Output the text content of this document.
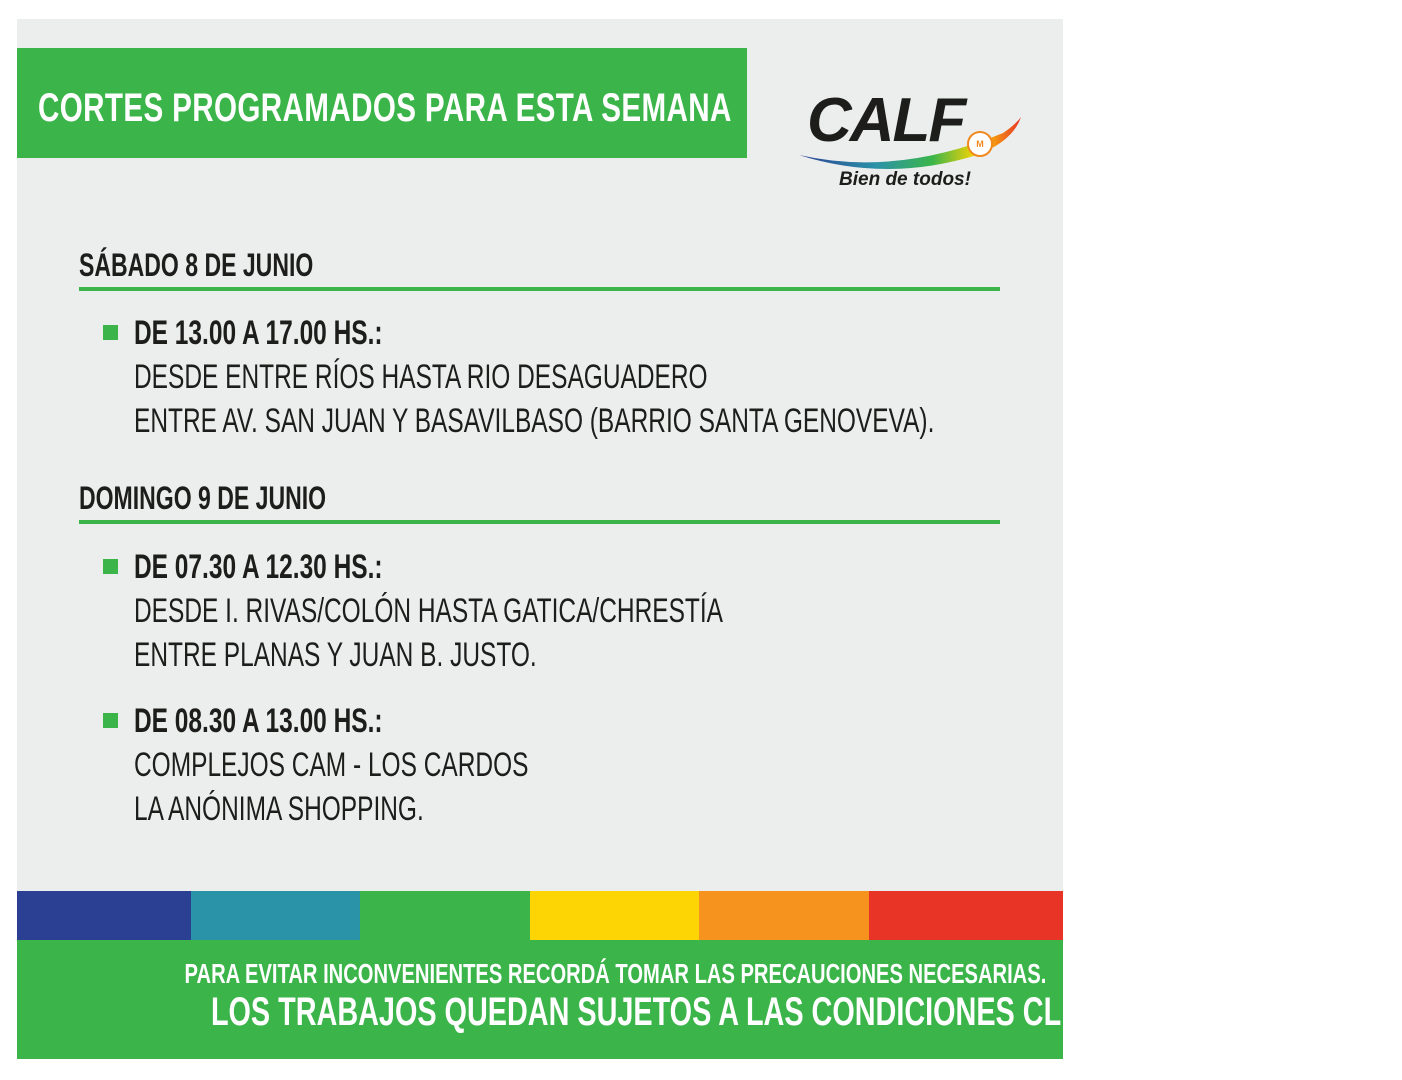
CORTES PROGRAMADOS PARA ESTA SEMANA CALF	M
Bien de todos!
SÁBADO 8 DE JUNIO
DE 13.00 A 17.00 HS.:
DESDE ENTRE RÍOS HASTA RIO DESAGUADERO
ENTRE AV. SAN JUAN Y BASAVILBASO (BARRIO SANTA GENOVEVA).
DOMINGO 9 DE JUNIO
DE 07.30 A 12.30 HS.:
DESDE I. RIVAS/COLÓN HASTA GATICA/CHRESTÍA
ENTRE PLANAS Y JUAN B. JUSTO.
DE 08.30 A 13.00 HS.:
COMPLEJOS CAM - LOS CARDOS
LA ANÓNIMA SHOPPING.
PARA EVITAR INCONVENIENTES RECORDÁ TOMAR LAS PRECAUCIONES NECESARIAS.
LOS TRABAJOS QUEDAN SUJETOS A LAS CONDICIONES CLIMÁTICAS.
